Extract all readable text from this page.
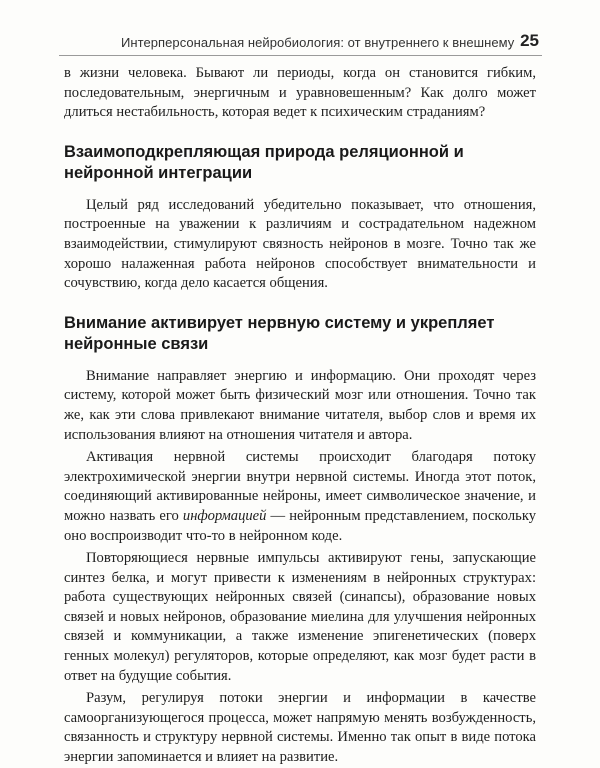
Интерперсональная нейробиология: от внутреннего к внешнему 25

в жизни человека. Бывают ли периоды, когда он становится гибким, последовательным, энергичным и уравновешенным? Как долго может длиться нестабильность, которая ведет к психическим страданиям?

Взаимоподкрепляющая природа реляционной и нейронной интеграции

Целый ряд исследований убедительно показывает, что отношения, построенные на уважении к различиям и сострадательном надежном взаимодействии, стимулируют связность нейронов в мозге. Точно так же хорошо налаженная работа нейронов способствует внимательности и сочувствию, когда дело касается общения.

Внимание активирует нервную систему и укрепляет нейронные связи

Внимание направляет энергию и информацию. Они проходят через систему, которой может быть физический мозг или отношения. Точно так же, как эти слова привлекают внимание читателя, выбор слов и время их использования влияют на отношения читателя и автора.

Активация нервной системы происходит благодаря потоку электрохимической энергии внутри нервной системы. Иногда этот поток, соединяющий активированные нейроны, имеет символическое значение, и можно назвать его информацией — нейронным представлением, поскольку оно воспроизводит что-то в нейронном коде.

Повторяющиеся нервные импульсы активируют гены, запускающие синтез белка, и могут привести к изменениям в нейронных структурах: работа существующих нейронных связей (синапсы), образование новых связей и новых нейронов, образование миелина для улучшения нейронных связей и коммуникации, а также изменение эпигенетических (поверх генных молекул) регуляторов, которые определяют, как мозг будет расти в ответ на будущие события.

Разум, регулируя потоки энергии и информации в качестве самоорганизующегося процесса, может напрямую менять возбужденность, связанность и структуру нервной системы. Именно так опыт в виде потока энергии запоминается и влияет на развитие.
